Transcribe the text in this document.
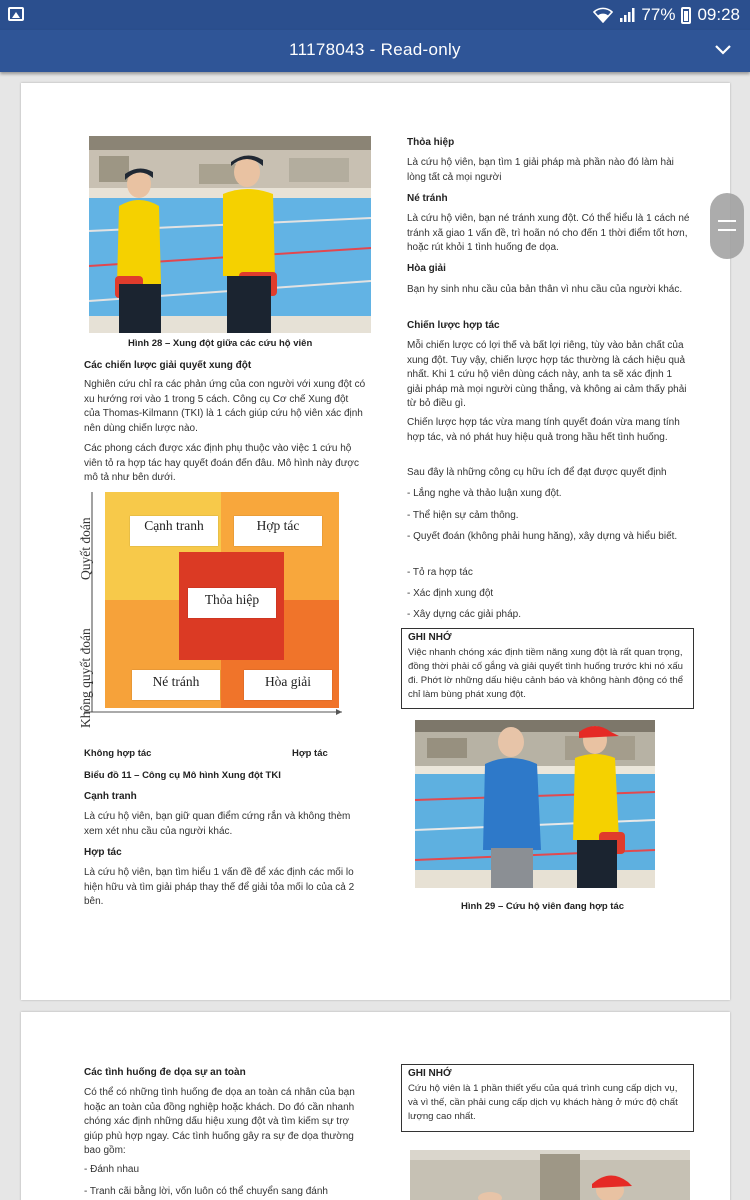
77% 09:28
11178043 - Read-only
Hình 28 – Xung đột giữa các cứu hộ viên
Các chiến lược giải quyết xung đột
Nghiên cứu chỉ ra các phản ứng của con người với xung đột có xu hướng rơi vào 1 trong 5 cách. Công cụ Cơ chế Xung đột của Thomas-Kilmann (TKI) là 1 cách giúp cứu hộ viên xác định nên dùng chiến lược nào.
Các phong cách được xác định phụ thuộc vào việc 1 cứu hộ viên tỏ ra hợp tác hay quyết đoán đến đâu. Mô hình này được mô tả như bên dưới.
Quyết đoán
Không quyết đoán
Cạnh tranh	Hợp tác
Thỏa hiệp
Né tránh	Hòa giải
Không hợp tác	Hợp tác
Biểu đồ 11 – Công cụ Mô hình Xung đột TKI
Cạnh tranh
Là cứu hộ viên, bạn giữ quan điểm cứng rắn và không thèm xem xét nhu cầu của người khác.
Hợp tác
Là cứu hộ viên, bạn tìm hiểu 1 vấn đề để xác định các mối lo hiện hữu và tìm giải pháp thay thế để giải tỏa mối lo của cả 2 bên.
Thỏa hiệp
Là cứu hộ viên, bạn tìm 1 giải pháp mà phần nào đó làm hài lòng tất cả mọi người
Né tránh
Là cứu hộ viên, bạn né tránh xung đột. Có thể hiểu là 1 cách né tránh xã giao 1 vấn đề, trì hoãn nó cho đến 1 thời điểm tốt hơn, hoặc rút khỏi 1 tình huống đe dọa.
Hòa giải
Bạn hy sinh nhu cầu của bản thân vì nhu cầu của người khác.
Chiến lược hợp tác
Mỗi chiến lược có lợi thế và bất lợi riêng, tùy vào bản chất của xung đột. Tuy vậy, chiến lược hợp tác thường là cách hiệu quả nhất. Khi 1 cứu hộ viên dùng cách này, anh ta sẽ xác định 1 giải pháp mà mọi người cùng thắng, và không ai cảm thấy phải từ bỏ điều gì.
Chiến lược hợp tác vừa mang tính quyết đoán vừa mang tính hợp tác, và nó phát huy hiệu quả trong hầu hết tình huống.
Sau đây là những công cụ hữu ích để đạt được quyết định
- Lắng nghe và thảo luận xung đột.
- Thể hiện sự cảm thông.
- Quyết đoán (không phải hung hăng), xây dựng và hiểu biết.
- Tỏ ra hợp tác
- Xác định xung đột
- Xây dựng các giải pháp.
GHI NHỚ
Việc nhanh chóng xác định tiềm năng xung đột là rất quan trọng, đồng thời phải cố gắng và giải quyết tình huống trước khi nó xấu đi. Phớt lờ những dấu hiệu cảnh báo và không hành động có thể chỉ làm bùng phát xung đột.
Hình 29 – Cứu hộ viên đang hợp tác
Các tình huống đe dọa sự an toàn
Có thể có những tình huống đe dọa an toàn cá nhân của bạn hoặc an toàn của đồng nghiệp hoặc khách. Do đó cần nhanh chóng xác định những dấu hiệu xung đột và tìm kiếm sự trợ giúp phù hợp ngay. Các tình huống gây ra sự đe dọa thường bao gồm:
- Đánh nhau
- Tranh cãi bằng lời, vốn luôn có thể chuyển sang đánh
GHI NHỚ
Cứu hộ viên là 1 phần thiết yếu của quá trình cung cấp dịch vụ, và vì thế, cần phải cung cấp dịch vụ khách hàng ở mức độ chất lượng cao nhất.
